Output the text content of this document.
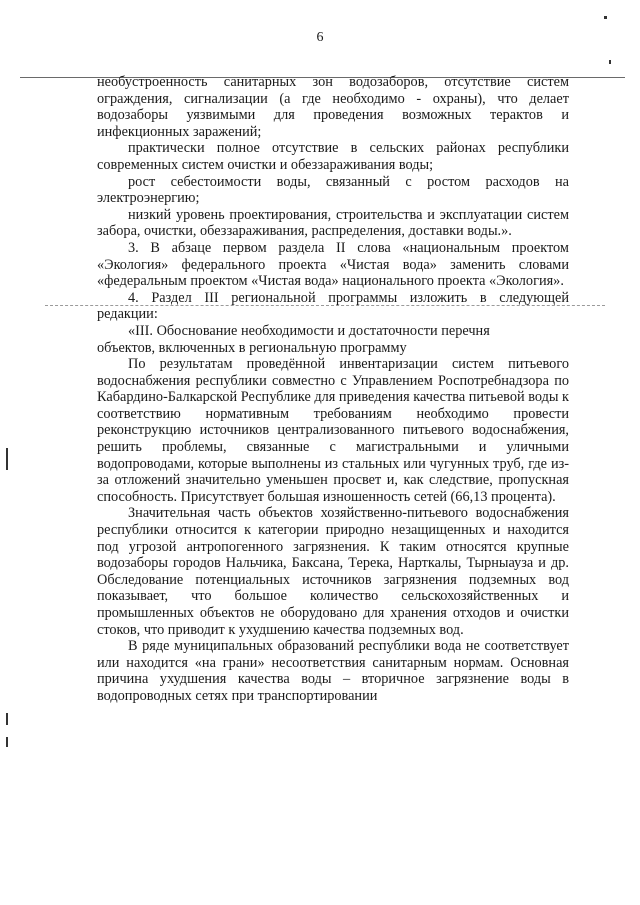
6

необустроенность санитарных зон водозаборов, отсутствие систем ограждения, сигнализации (а где необходимо - охраны), что делает водозаборы уязвимыми для проведения возможных терактов и инфекционных заражений;

практически полное отсутствие в сельских районах республики современных систем очистки и обеззараживания воды;

рост себестоимости воды, связанный с ростом расходов на электроэнергию;

низкий уровень проектирования, строительства и эксплуатации систем забора, очистки, обеззараживания, распределения, доставки воды.».

3. В абзаце первом раздела II слова «национальным проектом «Экология» федерального проекта «Чистая вода» заменить словами «федеральным проектом «Чистая вода» национального проекта «Экология».

4. Раздел III региональной программы изложить в следующей редакции:

«III. Обоснование необходимости и достаточности перечня

объектов, включенных в региональную программу

По результатам проведённой инвентаризации систем питьевого водоснабжения республики совместно с Управлением Роспотребнадзора по Кабардино-Балкарской Республике для приведения качества питьевой воды к соответствию нормативным требованиям необходимо провести реконструкцию источников централизованного питьевого водоснабжения, решить проблемы, связанные с магистральными и уличными водопроводами, которые выполнены из стальных или чугунных труб, где из-за отложений значительно уменьшен просвет и, как следствие, пропускная способность. Присутствует большая изношенность сетей (66,13 процента).

Значительная часть объектов хозяйственно-питьевого водоснабжения республики относится к категории природно незащищенных и находится под угрозой антропогенного загрязнения. К таким относятся крупные водозаборы городов Нальчика, Баксана, Терека, Нарткалы, Тырныауза и др. Обследование потенциальных источников загрязнения подземных вод показывает, что большое количество сельскохозяйственных и промышленных объектов не оборудовано для хранения отходов и очистки стоков, что приводит к ухудшению качества подземных вод.

В ряде муниципальных образований республики вода не соответствует или находится «на грани» несоответствия санитарным нормам. Основная причина ухудшения качества воды – вторичное загрязнение воды в водопроводных сетях при транспортировании
